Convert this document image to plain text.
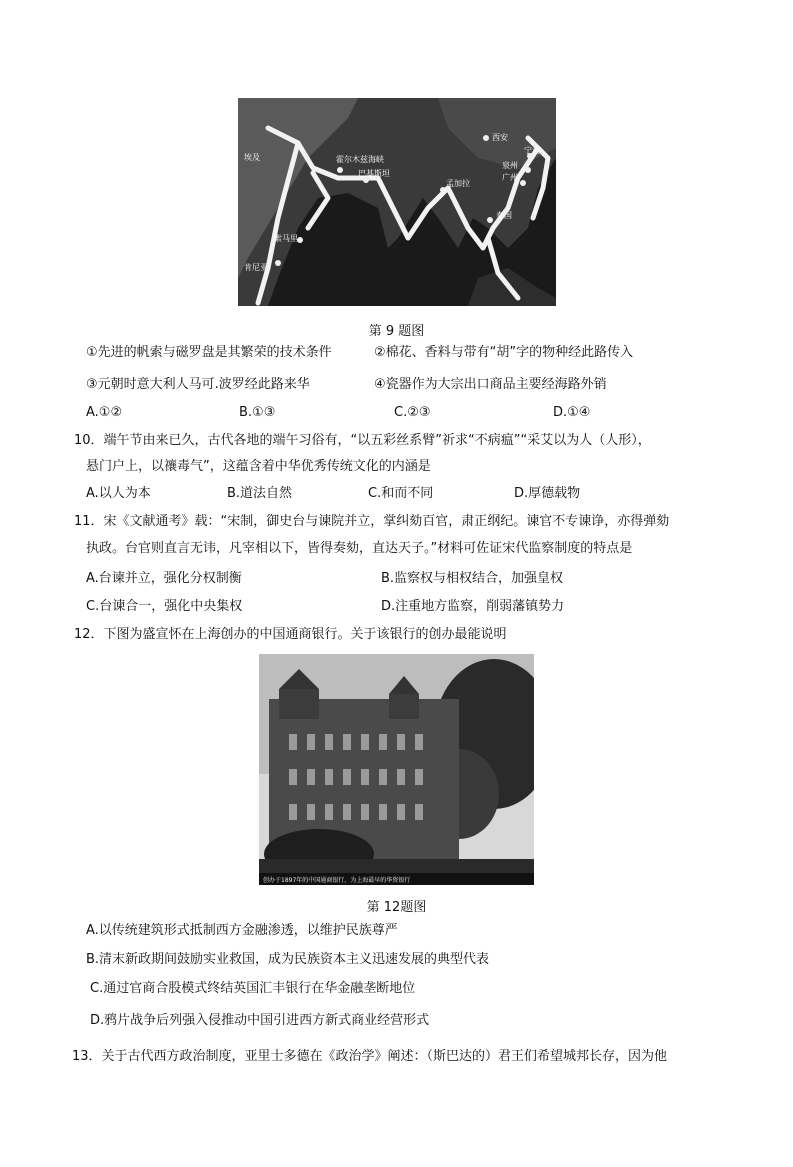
西安
宁波
泉州
广州
埃及	霍尔木兹海峡
巴基斯坦
孟加拉
泰国
索马里
肯尼亚
第 9 题图
①先进的帆索与磁罗盘是其繁荣的技术条件	②棉花、香料与带有“胡”字的物种经此路传入
③元朝时意大利人马可.波罗经此路来华	④瓷器作为大宗出口商品主要经海路外销
A.①②	B.①③	C.②③	D.①④
10．端午节由来已久，古代各地的端午习俗有，“以五彩丝系臂”祈求“不病瘟”“采艾以为人（人形），
悬门户上，以禳毒气”，这蕴含着中华优秀传统文化的内涵是
A.以人为本	B.道法自然	C.和而不同	D.厚德载物
11．宋《文献通考》载：“宋制，御史台与谏院并立，掌纠劾百官，肃正纲纪。谏官不专谏诤，亦得弹劾
执政。台官则直言无讳，凡宰相以下，皆得奏劾，直达天子。”材料可佐证宋代监察制度的特点是
A.台谏并立，强化分权制衡	B.监察权与相权结合，加强皇权
C.台谏合一，强化中央集权	D.注重地方监察，削弱藩镇势力
12．下图为盛宣怀在上海创办的中国通商银行。关于该银行的创办最能说明
创办于1897年的中国通商银行，为上海最早的华资银行
第 12题图
A.以传统建筑形式抵制西方金融渗透，以维护民族尊严
B.清末新政期间鼓励实业救国，成为民族资本主义迅速发展的典型代表
C.通过官商合股模式终结英国汇丰银行在华金融垄断地位
D.鸦片战争后列强入侵推动中国引进西方新式商业经营形式
13．关于古代西方政治制度，亚里士多德在《政治学》阐述：（斯巴达的）君王们希望城邦长存，因为他
